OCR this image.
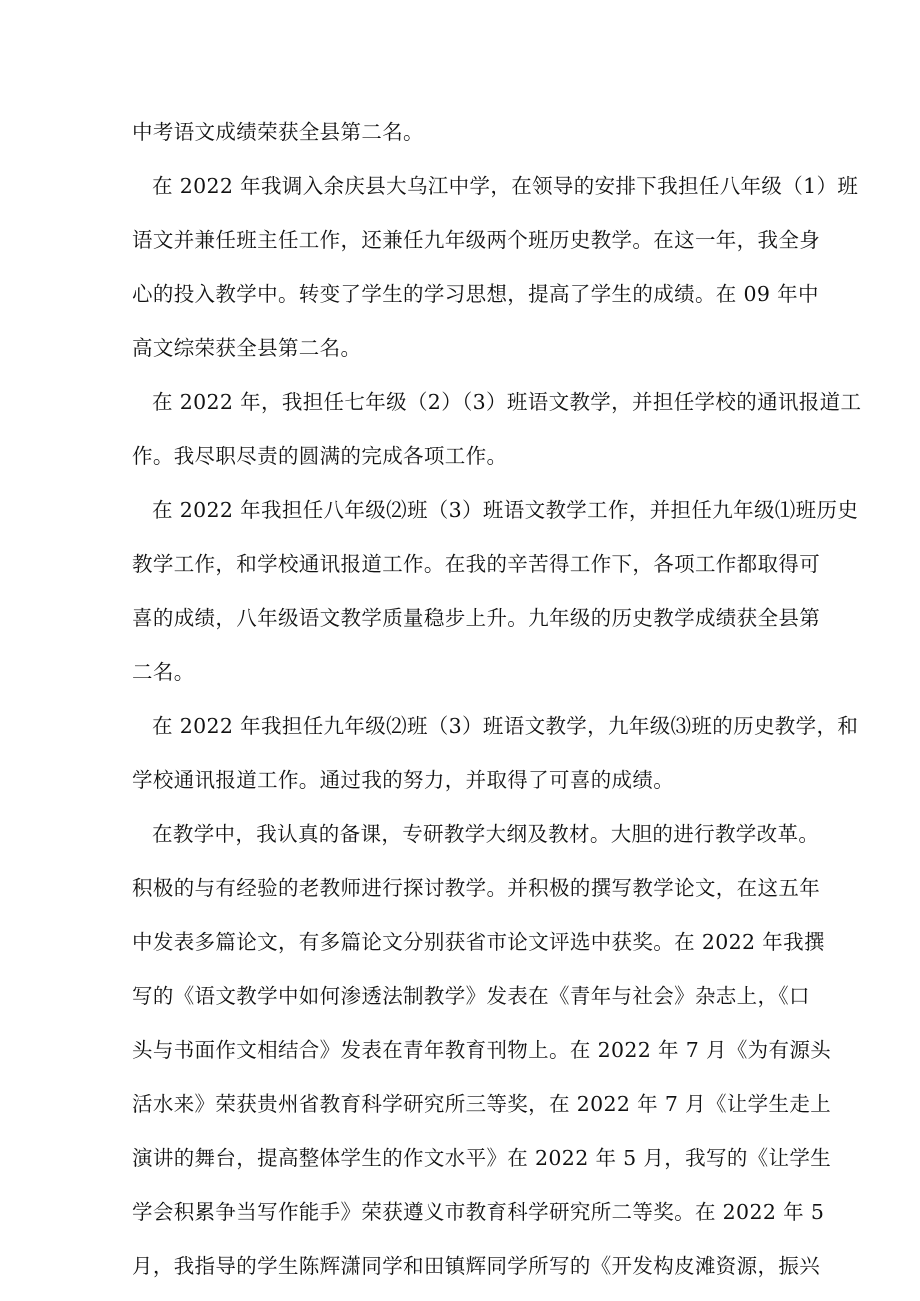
中考语文成绩荣获全县第二名。
在 2022 年我调入余庆县大乌江中学，在领导的安排下我担任八年级（1）班
语文并兼任班主任工作，还兼任九年级两个班历史教学。在这一年，我全身
心的投入教学中。转变了学生的学习思想，提高了学生的成绩。在 09 年中
高文综荣获全县第二名。
在 2022 年，我担任七年级（2）（3）班语文教学，并担任学校的通讯报道工
作。我尽职尽责的圆满的完成各项工作。
在 2022 年我担任八年级⑵班（3）班语文教学工作，并担任九年级⑴班历史
教学工作，和学校通讯报道工作。在我的辛苦得工作下，各项工作都取得可
喜的成绩，八年级语文教学质量稳步上升。九年级的历史教学成绩获全县第
二名。
在 2022 年我担任九年级⑵班（3）班语文教学，九年级⑶班的历史教学，和
学校通讯报道工作。通过我的努力，并取得了可喜的成绩。
在教学中，我认真的备课，专研教学大纲及教材。大胆的进行教学改革。
积极的与有经验的老教师进行探讨教学。并积极的撰写教学论文，在这五年
中发表多篇论文，有多篇论文分别获省市论文评选中获奖。在 2022 年我撰
写的《语文教学中如何渗透法制教学》发表在《青年与社会》杂志上，《口
头与书面作文相结合》发表在青年教育刊物上。在 2022 年 7 月《为有源头
活水来》荣获贵州省教育科学研究所三等奖，在 2022 年 7 月《让学生走上
演讲的舞台，提高整体学生的作文水平》在 2022 年 5 月，我写的《让学生
学会积累争当写作能手》荣获遵义市教育科学研究所二等奖。在 2022 年 5
月，我指导的学生陈辉潇同学和田镇辉同学所写的《开发构皮滩资源，振兴
